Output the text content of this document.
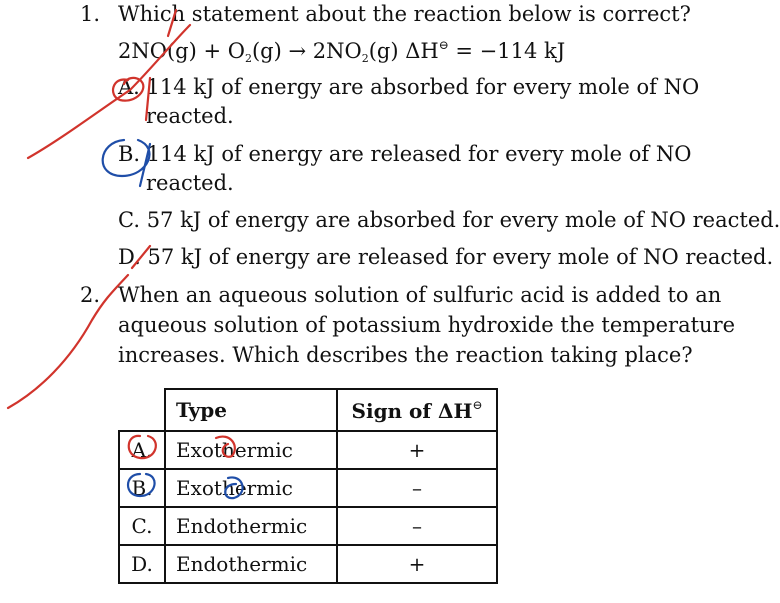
1. Which statement about the reaction below is correct?
$2NO(g) + O_2(g) \to 2NO_2(g) \Delta H^⊖ = -114$ kJ
A. 114 kJ of energy are absorbed for every mole of NO
reacted.
B. 114 kJ of energy are released for every mole of NO
reacted.
C. 57 kJ of energy are absorbed for every mole of NO reacted.
D. 57 kJ of energy are released for every mole of NO reacted.
2. When an aqueous solution of sulfuric acid is added to an
aqueous solution of potassium hydroxide the temperature
increases. Which describes the reaction taking place?
	Type	Sign of ΔH⊖
A.	Exothermic	+
B.	Exothermic	–
C.	Endothermic	–
D.	Endothermic	+
